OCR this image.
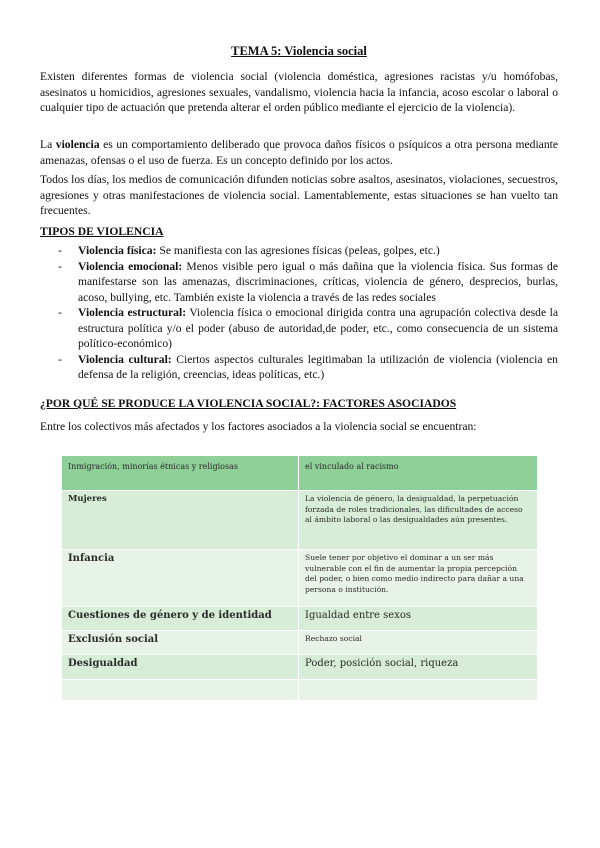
TEMA 5: Violencia social

Existen diferentes formas de violencia social (violencia doméstica, agresiones racistas y/u homófobas, asesinatos u homicidios, agresiones sexuales, vandalismo, violencia hacia la infancia, acoso escolar o laboral o cualquier tipo de actuación que pretenda alterar el orden público mediante el ejercicio de la violencia).

La violencia es un comportamiento deliberado que provoca daños físicos o psíquicos a otra persona mediante amenazas, ofensas o el uso de fuerza. Es un concepto definido por los actos.

Todos los días, los medios de comunicación difunden noticias sobre asaltos, asesinatos, violaciones, secuestros, agresiones y otras manifestaciones de violencia social. Lamentablemente, estas situaciones se han vuelto tan frecuentes.

TIPOS DE VIOLENCIA
- Violencia física: Se manifiesta con las agresiones físicas (peleas, golpes, etc.)
- Violencia emocional: Menos visible pero igual o más dañina que la violencia física. Sus formas de manifestarse son las amenazas, discriminaciones, críticas, violencia de género, desprecios, burlas, acoso, bullying, etc. También existe la violencia a través de las redes sociales
- Violencia estructural: Violencia física o emocional dirigida contra una agrupación colectiva desde la estructura política y/o el poder (abuso de autoridad,de poder, etc., como consecuencia de un sistema político-económico)
- Violencia cultural: Ciertos aspectos culturales legitimaban la utilización de violencia (violencia en defensa de la religión, creencias, ideas políticas, etc.)
¿POR QUÉ SE PRODUCE LA VIOLENCIA SOCIAL?: FACTORES ASOCIADOS

Entre los colectivos más afectados y los factores asociados a la violencia social se encuentran:

Inmigración, minorías étnicas y religiosas	el vinculado al racismo
Mujeres	La violencia de género, la desigualdad, la perpetuación forzada de roles tradicionales, las dificultades de acceso al ámbito laboral o las desigualdades aún presentes.
Infancia	Suele tener por objetivo el dominar a un ser más vulnerable con el fin de aumentar la propia percepción del poder, o bien como medio indirecto para dañar a una persona o institución.
Cuestiones de género y de identidad	Igualdad entre sexos
Exclusión social	Rechazo social
Desigualdad	Poder, posición social, riqueza
